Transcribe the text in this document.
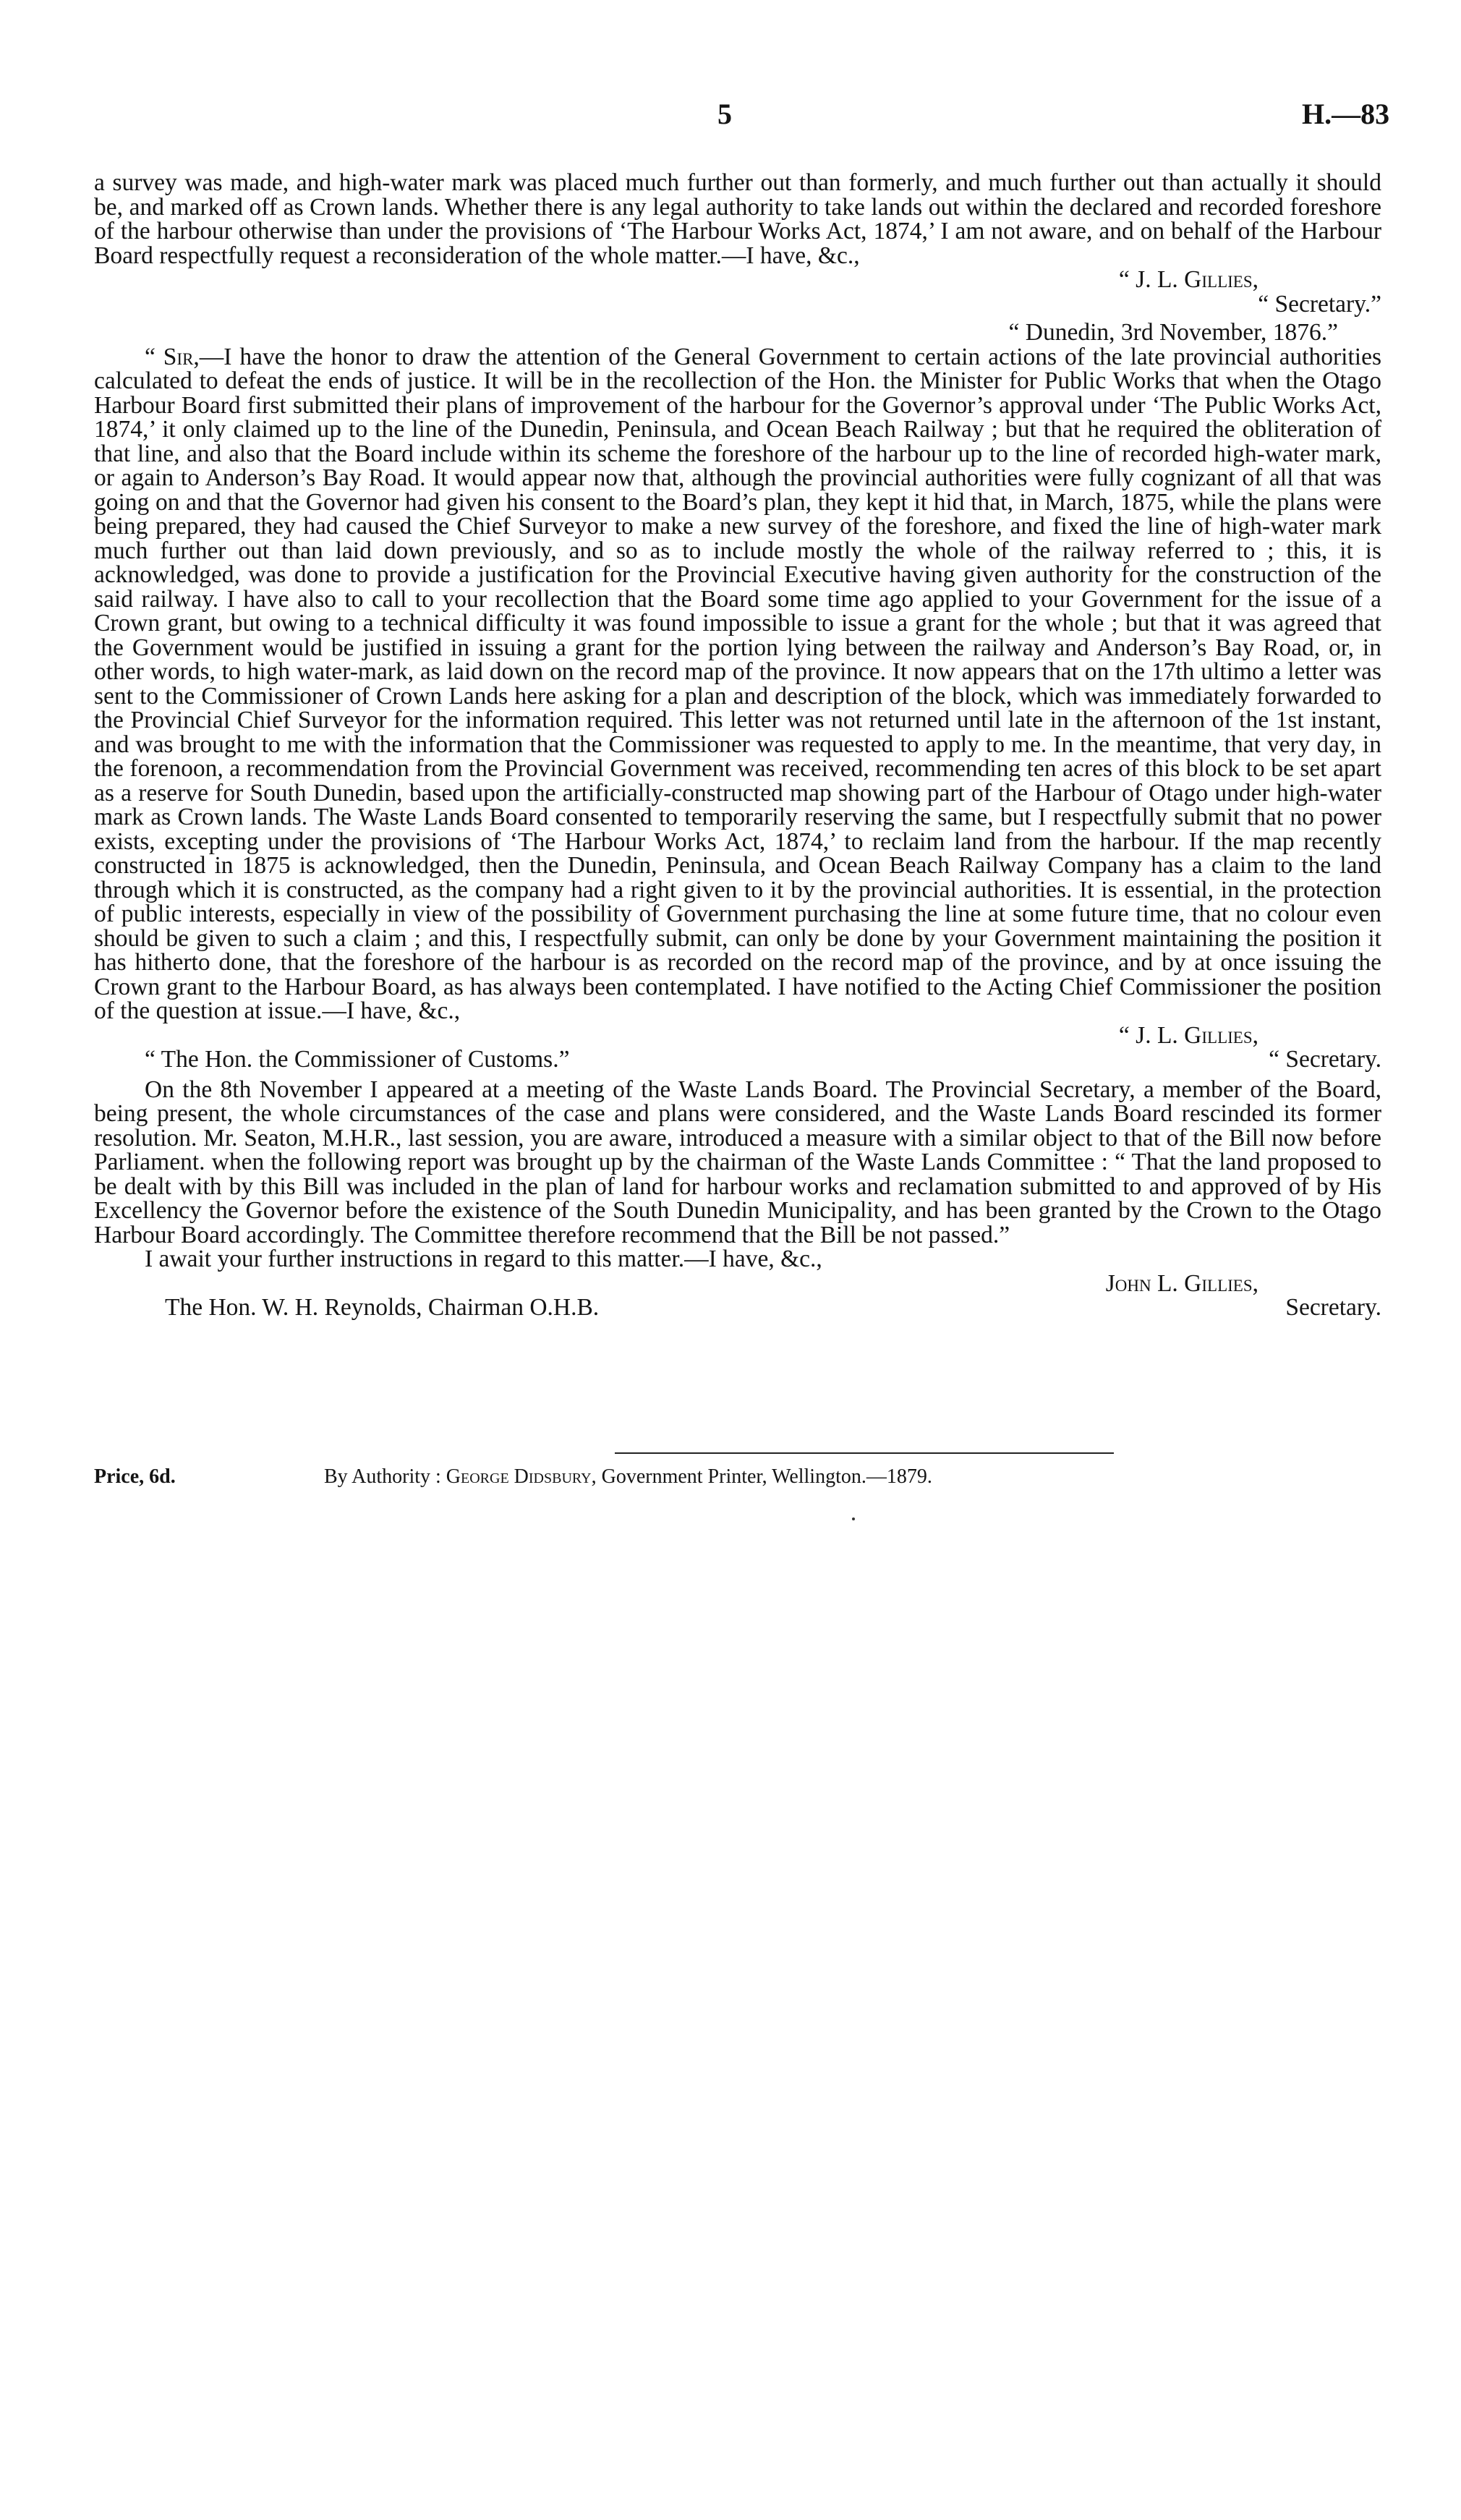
5	H.—83

a survey was made, and high-water mark was placed much further out than formerly, and much further out than actually it should be, and marked off as Crown lands. Whether there is any legal authority to take lands out within the declared and recorded foreshore of the harbour otherwise than under the provisions of ‘The Harbour Works Act, 1874,’ I am not aware, and on behalf of the Harbour Board respectfully request a reconsideration of the whole matter.—I have, &c.,

“ J. L. Gillies,

“ Secretary.”

“ Dunedin, 3rd November, 1876.”

“ Sir,—I have the honor to draw the attention of the General Government to certain actions of the late provincial authorities calculated to defeat the ends of justice. It will be in the recollection of the Hon. the Minister for Public Works that when the Otago Harbour Board first submitted their plans of improvement of the harbour for the Governor’s approval under ‘The Public Works Act, 1874,’ it only claimed up to the line of the Dunedin, Peninsula, and Ocean Beach Railway ; but that he required the obliteration of that line, and also that the Board include within its scheme the foreshore of the harbour up to the line of recorded high-water mark, or again to Anderson’s Bay Road. It would appear now that, although the provincial authorities were fully cognizant of all that was going on and that the Governor had given his consent to the Board’s plan, they kept it hid that, in March, 1875, while the plans were being prepared, they had caused the Chief Surveyor to make a new survey of the foreshore, and fixed the line of high-water mark much further out than laid down previously, and so as to include mostly the whole of the railway referred to ; this, it is acknowledged, was done to provide a justification for the Provincial Executive having given authority for the construction of the said railway. I have also to call to your recollection that the Board some time ago applied to your Government for the issue of a Crown grant, but owing to a technical difficulty it was found impossible to issue a grant for the whole ; but that it was agreed that the Government would be justified in issuing a grant for the portion lying between the railway and Anderson’s Bay Road, or, in other words, to high water-mark, as laid down on the record map of the province. It now appears that on the 17th ultimo a letter was sent to the Commissioner of Crown Lands here asking for a plan and description of the block, which was immediately forwarded to the Provincial Chief Surveyor for the information required. This letter was not returned until late in the afternoon of the 1st instant, and was brought to me with the information that the Commissioner was requested to apply to me. In the meantime, that very day, in the forenoon, a recommendation from the Provincial Government was received, recommending ten acres of this block to be set apart as a reserve for South Dunedin, based upon the artificially-constructed map showing part of the Harbour of Otago under high-water mark as Crown lands. The Waste Lands Board consented to temporarily reserving the same, but I respectfully submit that no power exists, excepting under the provisions of ‘The Harbour Works Act, 1874,’ to reclaim land from the harbour. If the map recently constructed in 1875 is acknowledged, then the Dunedin, Peninsula, and Ocean Beach Railway Company has a claim to the land through which it is constructed, as the company had a right given to it by the provincial authorities. It is essential, in the protection of public interests, especially in view of the possibility of Government purchasing the line at some future time, that no colour even should be given to such a claim ; and this, I respectfully submit, can only be done by your Government maintaining the position it has hitherto done, that the foreshore of the harbour is as recorded on the record map of the province, and by at once issuing the Crown grant to the Harbour Board, as has always been contemplated. I have notified to the Acting Chief Commissioner the position of the question at issue.—I have, &c.,

“ J. L. Gillies,

“ The Hon. the Commissioner of Customs.”	“ Secretary.

On the 8th November I appeared at a meeting of the Waste Lands Board. The Provincial Secretary, a member of the Board, being present, the whole circumstances of the case and plans were considered, and the Waste Lands Board rescinded its former resolution. Mr. Seaton, M.H.R., last session, you are aware, introduced a measure with a similar object to that of the Bill now before Parliament. when the following report was brought up by the chairman of the Waste Lands Committee : “ That the land proposed to be dealt with by this Bill was included in the plan of land for harbour works and reclamation submitted to and approved of by His Excellency the Governor before the existence of the South Dunedin Municipality, and has been granted by the Crown to the Otago Harbour Board accordingly. The Committee therefore recommend that the Bill be not passed.”

I await your further instructions in regard to this matter.—I have, &c.,

John L. Gillies,

The Hon. W. H. Reynolds, Chairman O.H.B.	Secretary.
Price, 6d.	By Authority : George Didsbury, Government Printer, Wellington.—1879.
